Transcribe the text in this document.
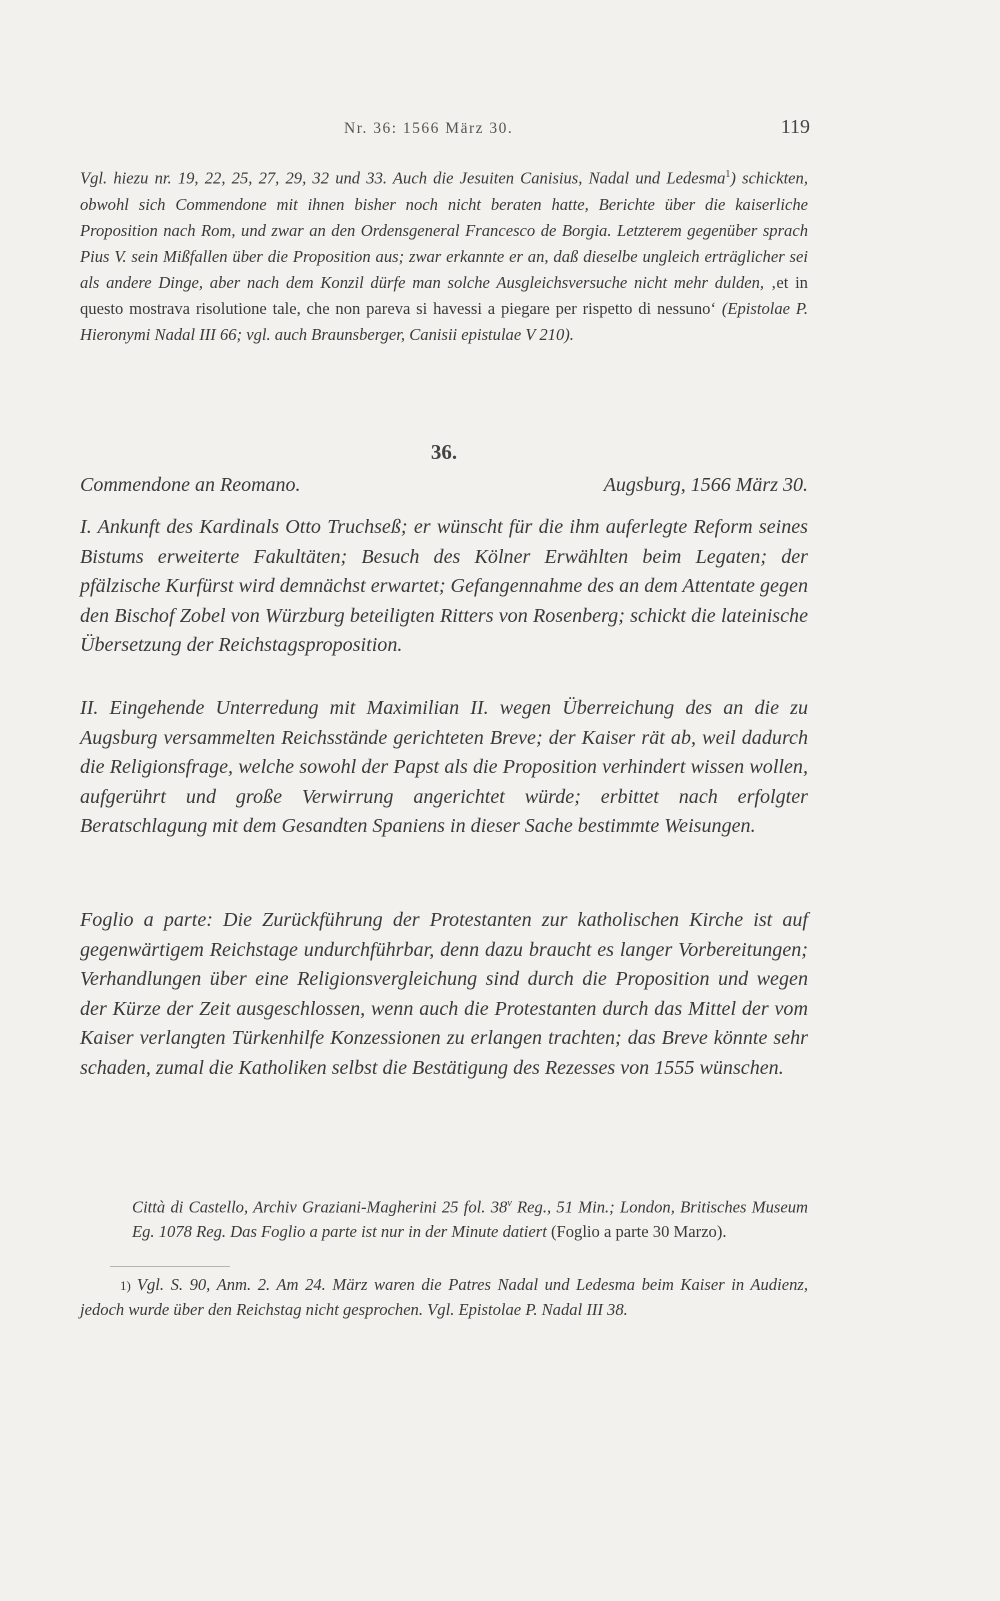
Nr. 36: 1566 März 30.	119
Vgl. hiezu nr. 19, 22, 25, 27, 29, 32 und 33. Auch die Jesuiten Canisius, Nadal und Ledesma$^1$) schickten, obwohl sich Commendone mit ihnen bisher noch nicht beraten hatte, Berichte über die kaiserliche Proposition nach Rom, und zwar an den Ordensgeneral Francesco de Borgia. Letzterem gegenüber sprach Pius V. sein Mißfallen über die Proposition aus; zwar erkannte er an, daß dieselbe ungleich erträglicher sei als andere Dinge, aber nach dem Konzil dürfe man solche Ausgleichsversuche nicht mehr dulden, ‚et in questo mostrava risolutione tale, che non pareva si havessi a piegare per rispetto di nessuno‘ (Epistolae P. Hieronymi Nadal III 66; vgl. auch Braunsberger, Canisii epistulae V 210).
36.
Commendone an Reomano.	Augsburg, 1566 März 30.
I. Ankunft des Kardinals Otto Truchseß; er wünscht für die ihm auferlegte Reform seines Bistums erweiterte Fakultäten; Besuch des Kölner Erwählten beim Legaten; der pfälzische Kurfürst wird demnächst erwartet; Gefangennahme des an dem Attentate gegen den Bischof Zobel von Würzburg beteiligten Ritters von Rosenberg; schickt die lateinische Übersetzung der Reichstagsproposition.
II. Eingehende Unterredung mit Maximilian II. wegen Überreichung des an die zu Augsburg versammelten Reichsstände gerichteten Breve; der Kaiser rät ab, weil dadurch die Religionsfrage, welche sowohl der Papst als die Proposition verhindert wissen wollen, aufgerührt und große Verwirrung angerichtet würde; erbittet nach erfolgter Beratschlagung mit dem Gesandten Spaniens in dieser Sache bestimmte Weisungen.
Foglio a parte: Die Zurückführung der Protestanten zur katholischen Kirche ist auf gegenwärtigem Reichstage undurchführbar, denn dazu braucht es langer Vorbereitungen; Verhandlungen über eine Religionsvergleichung sind durch die Proposition und wegen der Kürze der Zeit ausgeschlossen, wenn auch die Protestanten durch das Mittel der vom Kaiser verlangten Türkenhilfe Konzessionen zu erlangen trachten; das Breve könnte sehr schaden, zumal die Katholiken selbst die Bestätigung des Rezesses von 1555 wünschen.
Città di Castello, Archiv Graziani-Magherini 25 fol. 38$^v$ Reg., 51 Min.; London, Britisches Museum Eg. 1078 Reg. Das Foglio a parte ist nur in der Minute datiert (Foglio a parte 30 Marzo).
1) Vgl. S. 90, Anm. 2. Am 24. März waren die Patres Nadal und Ledesma beim Kaiser in Audienz, jedoch wurde über den Reichstag nicht gesprochen. Vgl. Epistolae P. Nadal III 38.
